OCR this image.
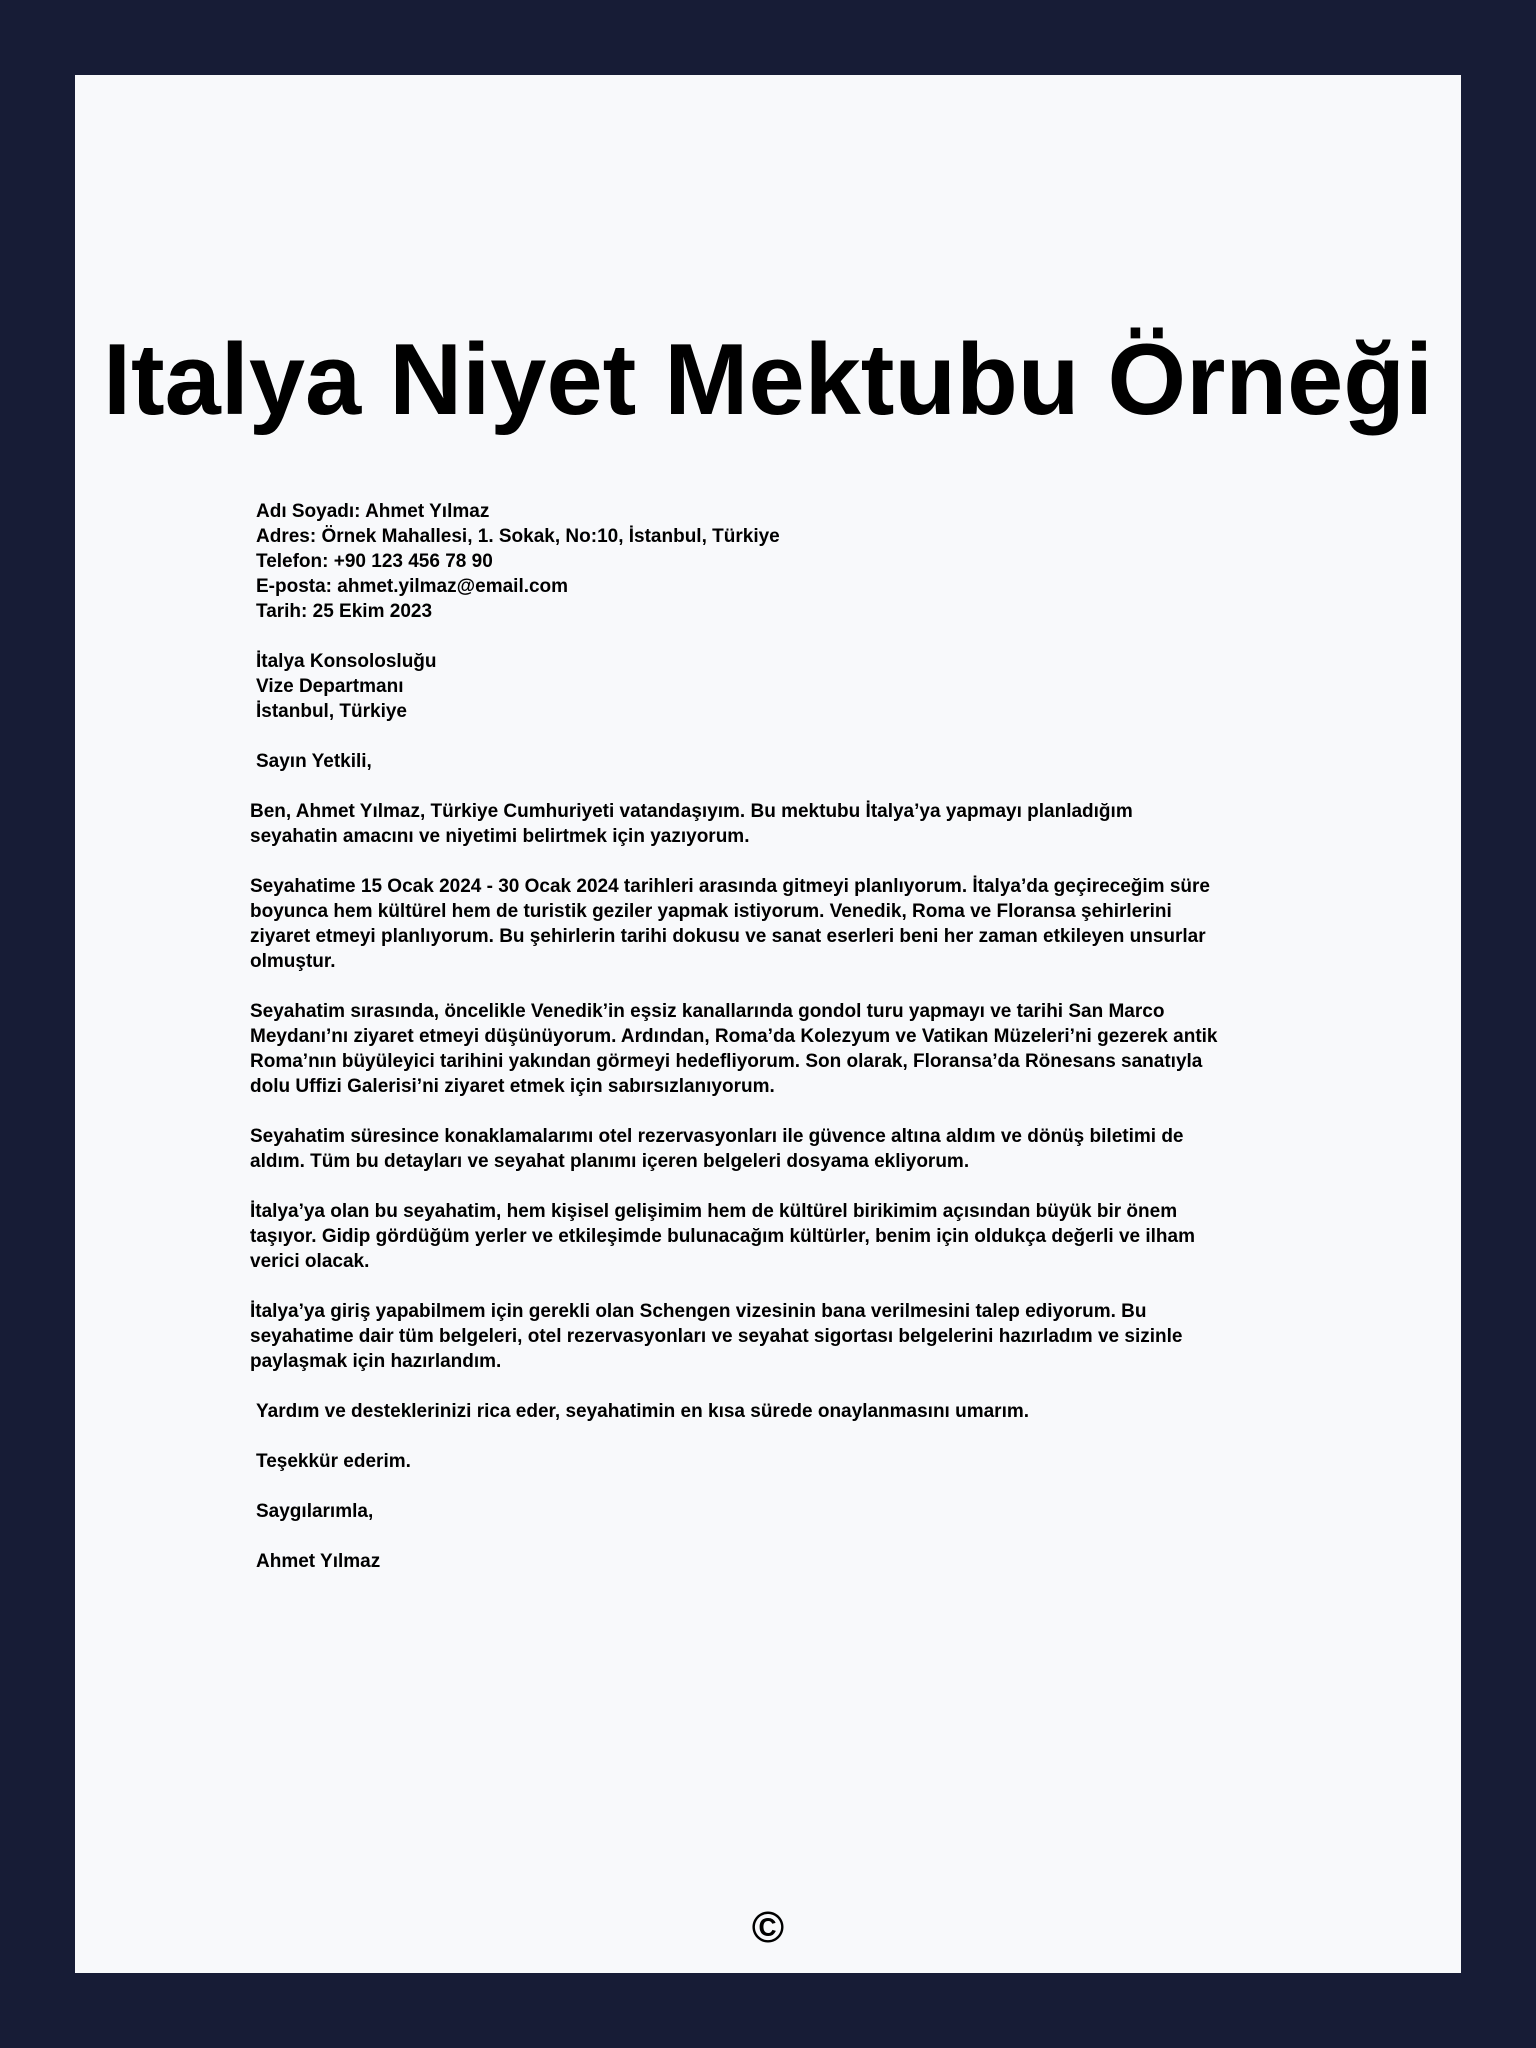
Italya Niyet Mektubu Örneği
Adı Soyadı: Ahmet Yılmaz
Adres: Örnek Mahallesi, 1. Sokak, No:10, İstanbul, Türkiye
Telefon: +90 123 456 78 90
E-posta: ahmet.yilmaz@email.com
Tarih: 25 Ekim 2023
İtalya Konsolosluğu
Vize Departmanı
İstanbul, Türkiye
Sayın Yetkili,
Ben, Ahmet Yılmaz, Türkiye Cumhuriyeti vatandaşıyım. Bu mektubu İtalya’ya yapmayı planladığım
seyahatin amacını ve niyetimi belirtmek için yazıyorum.
Seyahatime 15 Ocak 2024 - 30 Ocak 2024 tarihleri arasında gitmeyi planlıyorum. İtalya’da geçireceğim süre
boyunca hem kültürel hem de turistik geziler yapmak istiyorum. Venedik, Roma ve Floransa şehirlerini
ziyaret etmeyi planlıyorum. Bu şehirlerin tarihi dokusu ve sanat eserleri beni her zaman etkileyen unsurlar
olmuştur.
Seyahatim sırasında, öncelikle Venedik’in eşsiz kanallarında gondol turu yapmayı ve tarihi San Marco
Meydanı’nı ziyaret etmeyi düşünüyorum. Ardından, Roma’da Kolezyum ve Vatikan Müzeleri’ni gezerek antik
Roma’nın büyüleyici tarihini yakından görmeyi hedefliyorum. Son olarak, Floransa’da Rönesans sanatıyla
dolu Uffizi Galerisi’ni ziyaret etmek için sabırsızlanıyorum.
Seyahatim süresince konaklamalarımı otel rezervasyonları ile güvence altına aldım ve dönüş biletimi de
aldım. Tüm bu detayları ve seyahat planımı içeren belgeleri dosyama ekliyorum.
İtalya’ya olan bu seyahatim, hem kişisel gelişimim hem de kültürel birikimim açısından büyük bir önem
taşıyor. Gidip gördüğüm yerler ve etkileşimde bulunacağım kültürler, benim için oldukça değerli ve ilham
verici olacak.
İtalya’ya giriş yapabilmem için gerekli olan Schengen vizesinin bana verilmesini talep ediyorum. Bu
seyahatime dair tüm belgeleri, otel rezervasyonları ve seyahat sigortası belgelerini hazırladım ve sizinle
paylaşmak için hazırlandım.
Yardım ve desteklerinizi rica eder, seyahatimin en kısa sürede onaylanmasını umarım.
Teşekkür ederim.
Saygılarımla,
Ahmet Yılmaz
©
